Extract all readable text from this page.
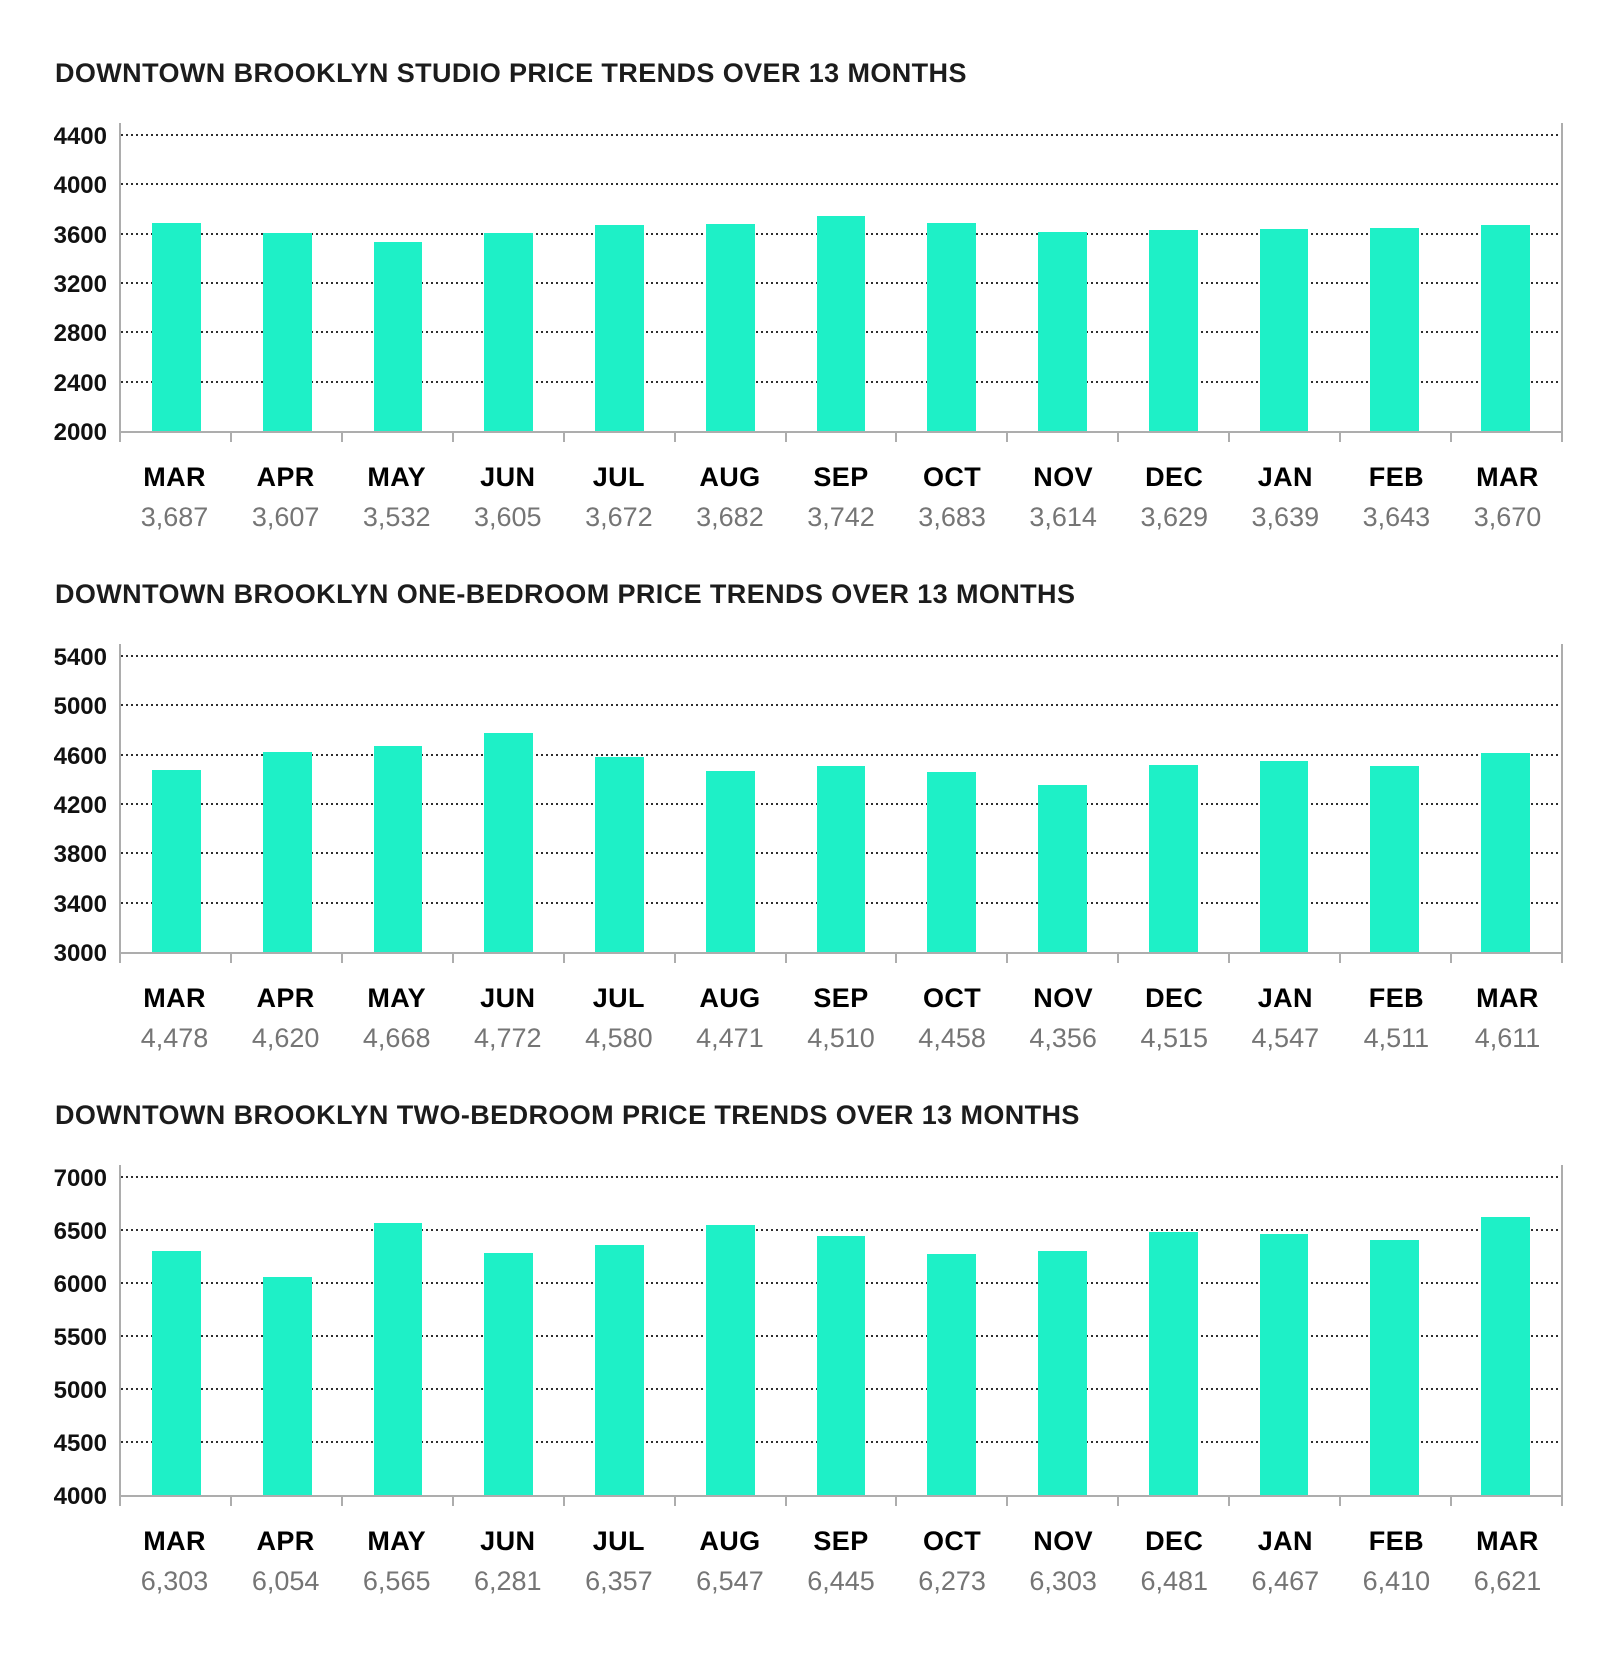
DOWNTOWN BROOKLYN STUDIO PRICE TRENDS OVER 13 MONTHS
2000
2400
2800
3200
3600
4000
4400
MAR
3,687
APR
3,607
MAY
3,532
JUN
3,605
JUL
3,672
AUG
3,682
SEP
3,742
OCT
3,683
NOV
3,614
DEC
3,629
JAN
3,639
FEB
3,643
MAR
3,670
DOWNTOWN BROOKLYN ONE-BEDROOM PRICE TRENDS OVER 13 MONTHS
3000
3400
3800
4200
4600
5000
5400
MAR
4,478
APR
4,620
MAY
4,668
JUN
4,772
JUL
4,580
AUG
4,471
SEP
4,510
OCT
4,458
NOV
4,356
DEC
4,515
JAN
4,547
FEB
4,511
MAR
4,611
DOWNTOWN BROOKLYN TWO-BEDROOM PRICE TRENDS OVER 13 MONTHS
4000
4500
5000
5500
6000
6500
7000
MAR
6,303
APR
6,054
MAY
6,565
JUN
6,281
JUL
6,357
AUG
6,547
SEP
6,445
OCT
6,273
NOV
6,303
DEC
6,481
JAN
6,467
FEB
6,410
MAR
6,621
